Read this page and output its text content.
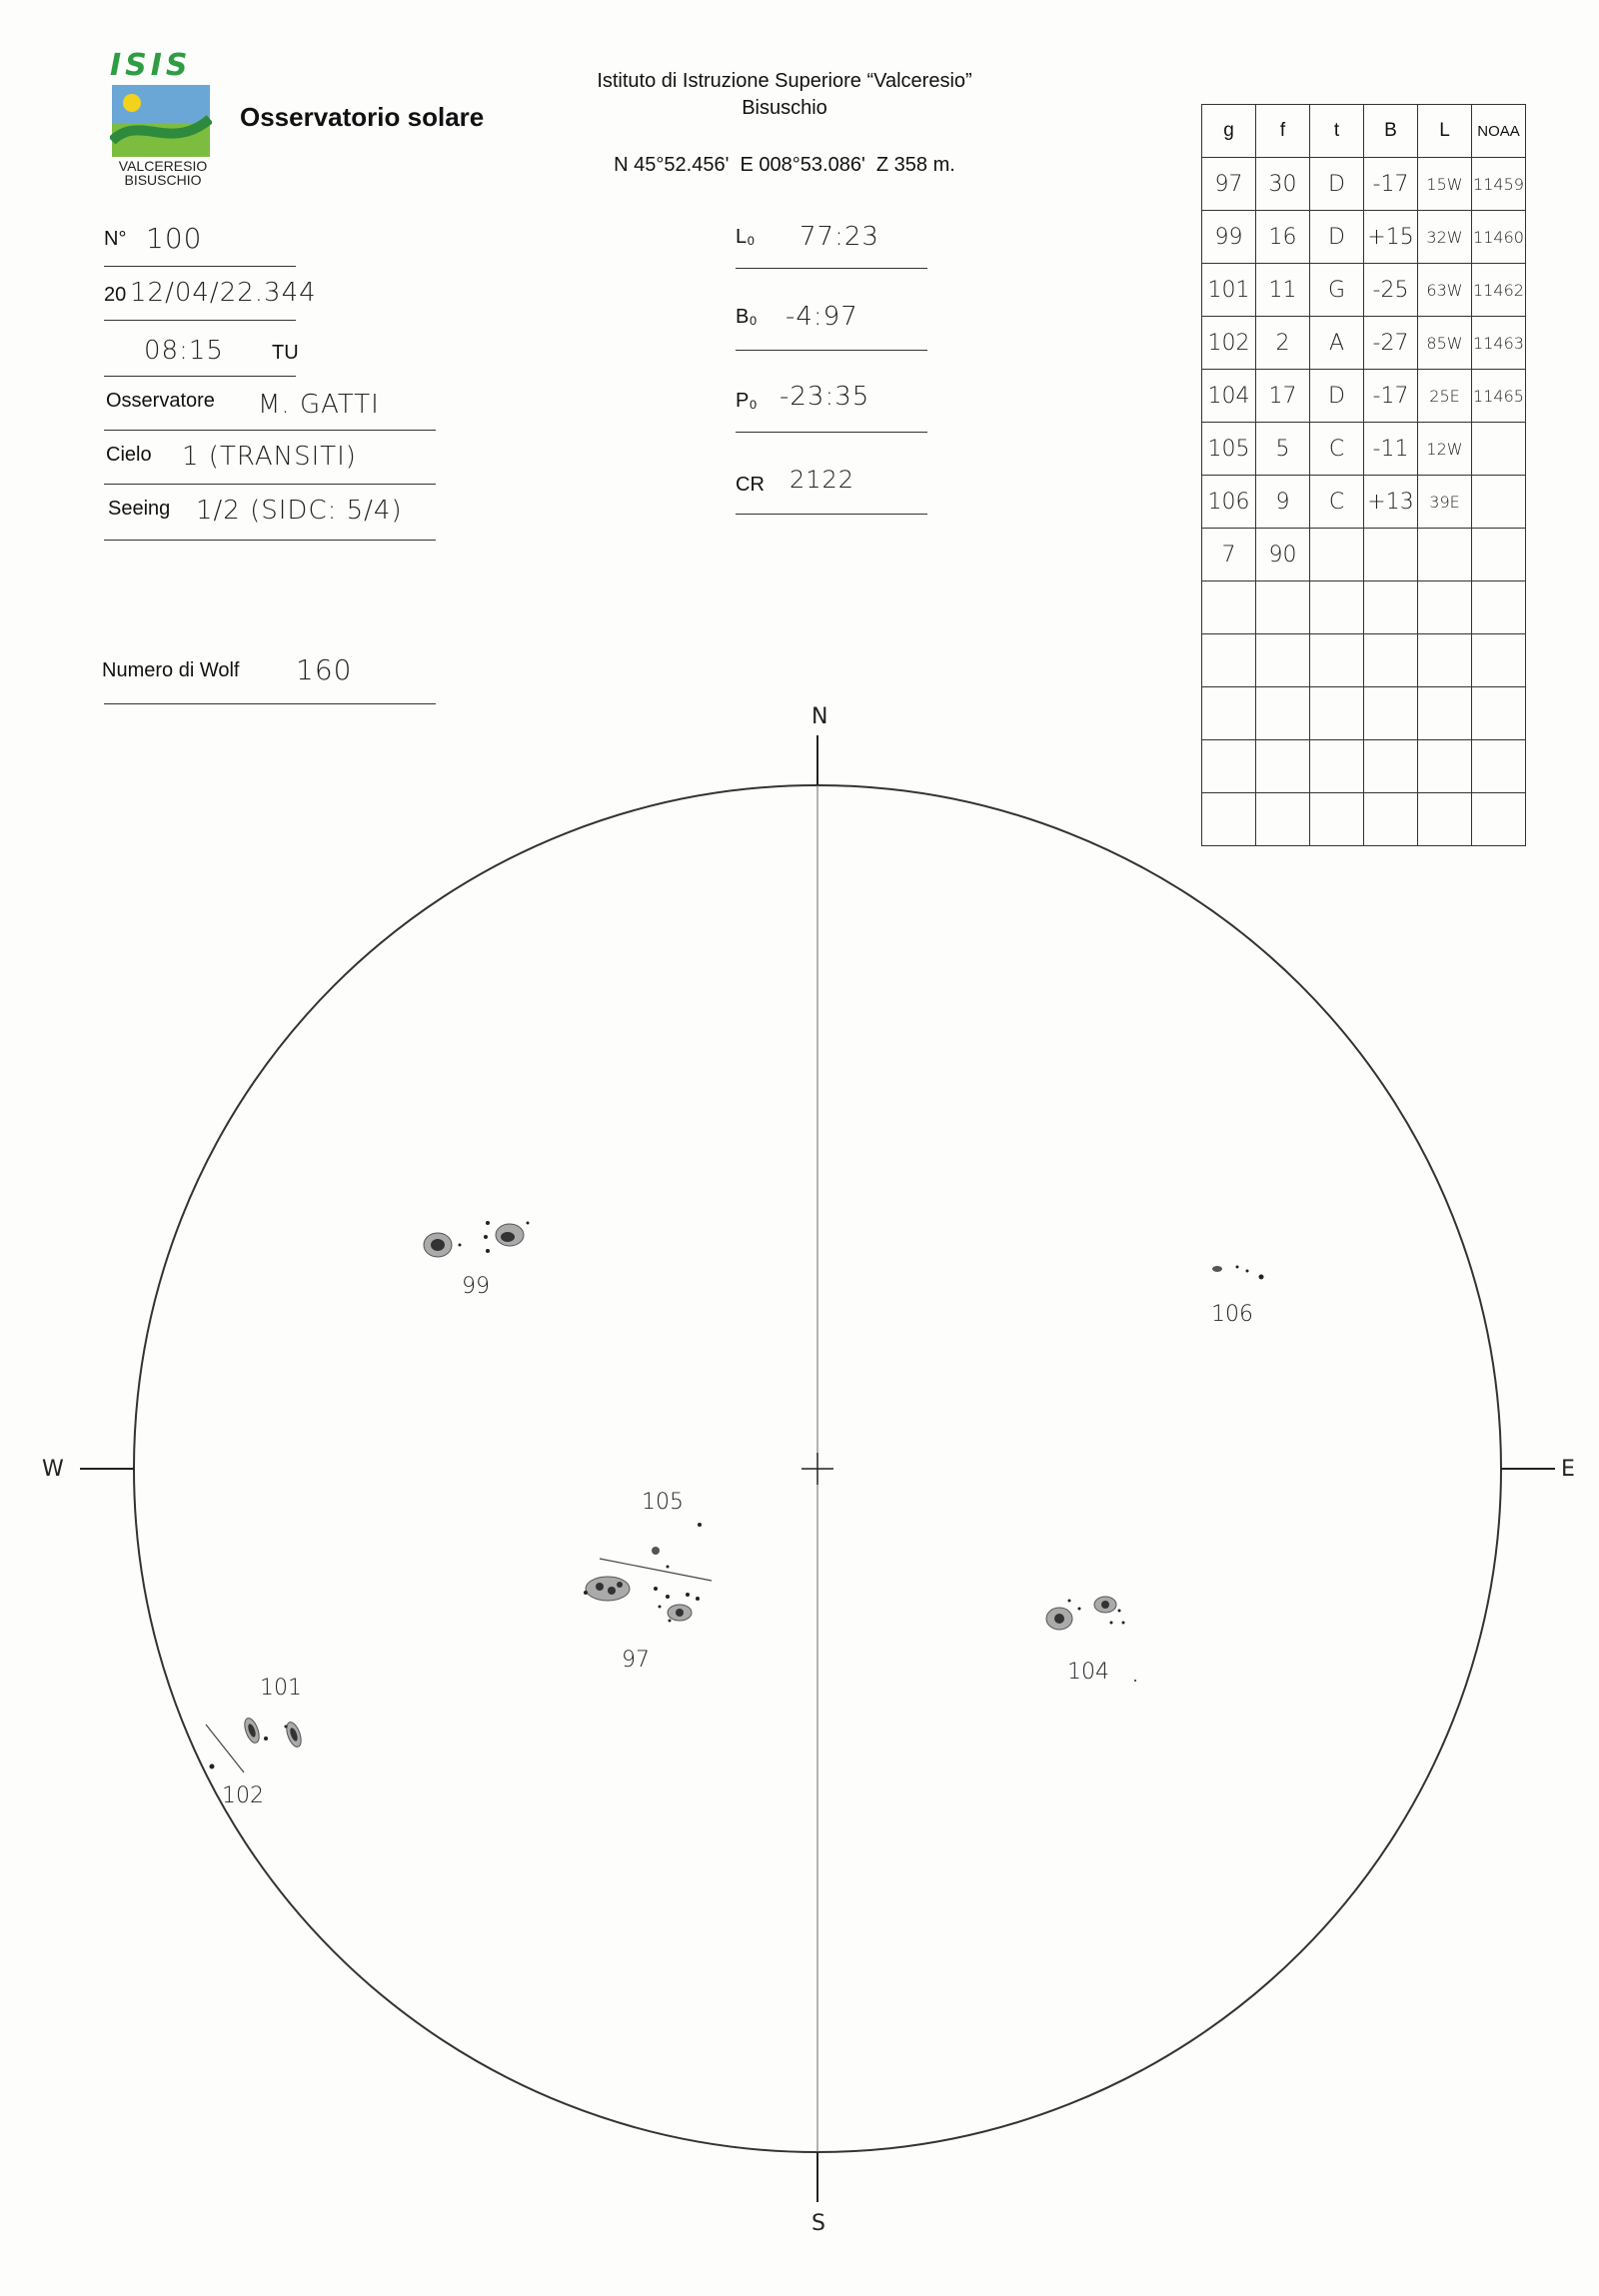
ISIS
VALCERESIO
BISUSCHIO
Osservatorio solare
Istituto di Istruzione Superiore “Valceresio”
Bisuschio
N 45°52.456'  E 008°53.086'  Z 358 m.
N° 100
20 12/04/22.344
08:15 TU
Osservatore M. GATTI
Cielo 1 (TRANSITI)
Seeing 1/2 (SIDC: 5/4)
Numero di Wolf 160
L₀ 77:23
B₀ -4:97
P₀ -23:35
CR 2122
g	f	t	B	L	NOAA
97	30	D	-17	15W	11459
99	16	D	+15	32W	11460
101	11	G	-25	63W	11462
102	2	A	-27	85W	11463
104	17	D	-17	25E	11465
105	5	C	-11	12W	
106	9	C	+13	39E	
7	90				

N
S
W	E
99
106
105
97	104
101
102
